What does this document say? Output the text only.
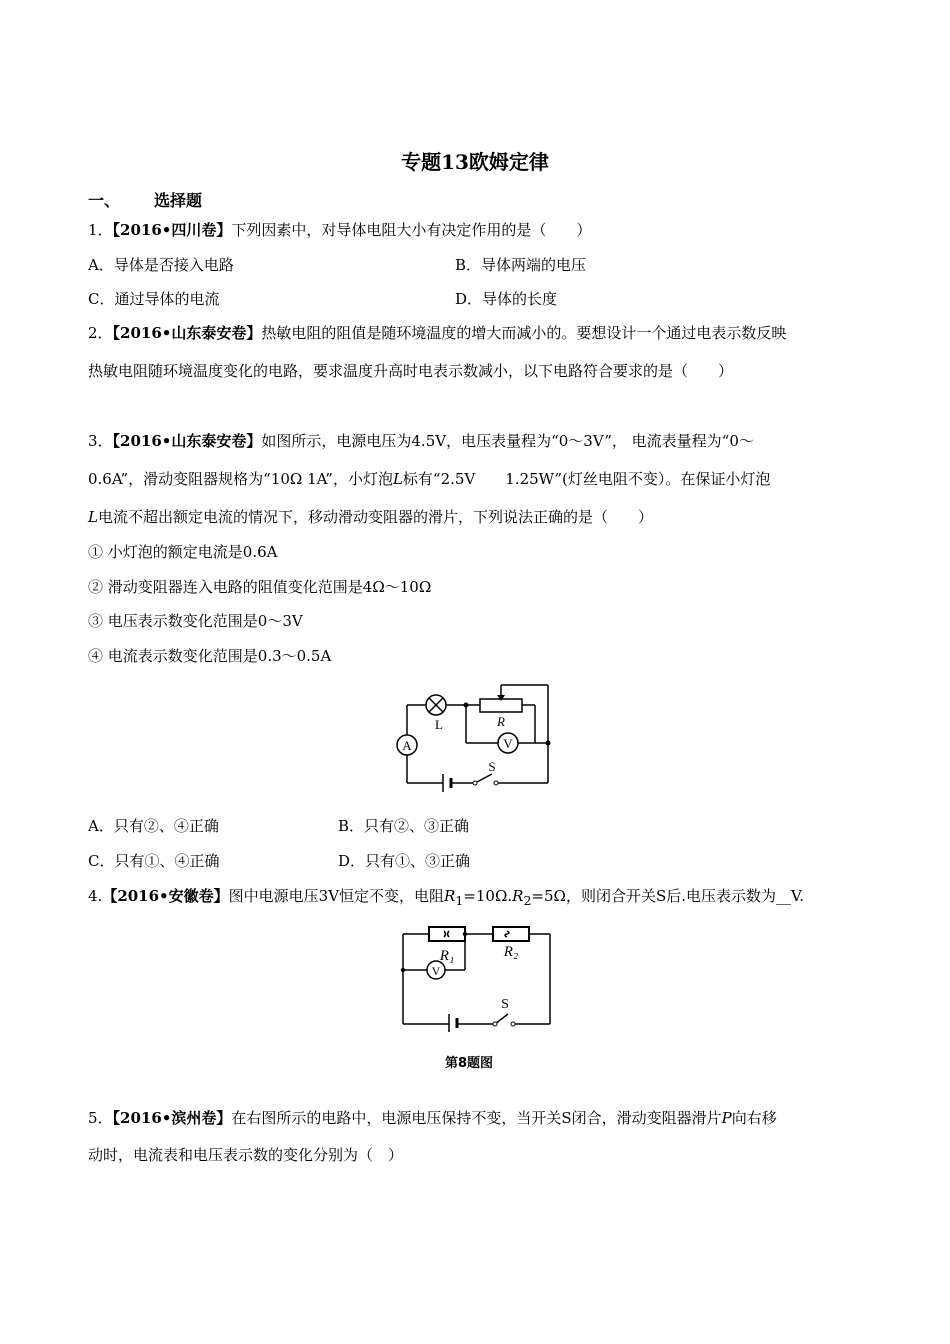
专题13欧姆定律
一、 选择题
1．【2016•四川卷】下列因素中，对导体电阻大小有决定作用的是（　　）
A．导体是否接入电路	B．导体两端的电压
C．通过导体的电流	D．导体的长度
2．【2016•山东泰安卷】热敏电阻的阻值是随环境温度的增大而减小的。要想设计一个通过电表示数反映
热敏电阻随环境温度变化的电路，要求温度升高时电表示数减小，以下电路符合要求的是（　　）
3．【2016•山东泰安卷】如图所示，电源电压为4.5V，电压表量程为“0～3V”， 电流表量程为“0～
0.6A”，滑动变阻器规格为“10Ω 1A”，小灯泡L标有“2.5V　　1.25W”(灯丝电阻不变）。在保证小灯泡
L电流不超出额定电流的情况下，移动滑动变阻器的滑片，下列说法正确的是（　　）
① 小灯泡的额定电流是0.6A
② 滑动变阻器连入电路的阻值变化范围是4Ω～10Ω
③ 电压表示数变化范围是0～3V
④ 电流表示数变化范围是0.3～0.5A
A
L	R
V
S
A．只有②、④正确	B．只有②、③正确
C．只有①、④正确	D．只有①、③正确
4.【2016•安徽卷】图中电源电压3V恒定不变，电阻$R_1=10\Omega.R_2=5\Omega$，则闭合开关S后.电压表示数为__V.
V
R₁	R₂
S
第8题图
5．【2016•滨州卷】在右图所示的电路中，电源电压保持不变，当开关S闭合，滑动变阻器滑片P向右移
动时，电流表和电压表示数的变化分别为（　）
